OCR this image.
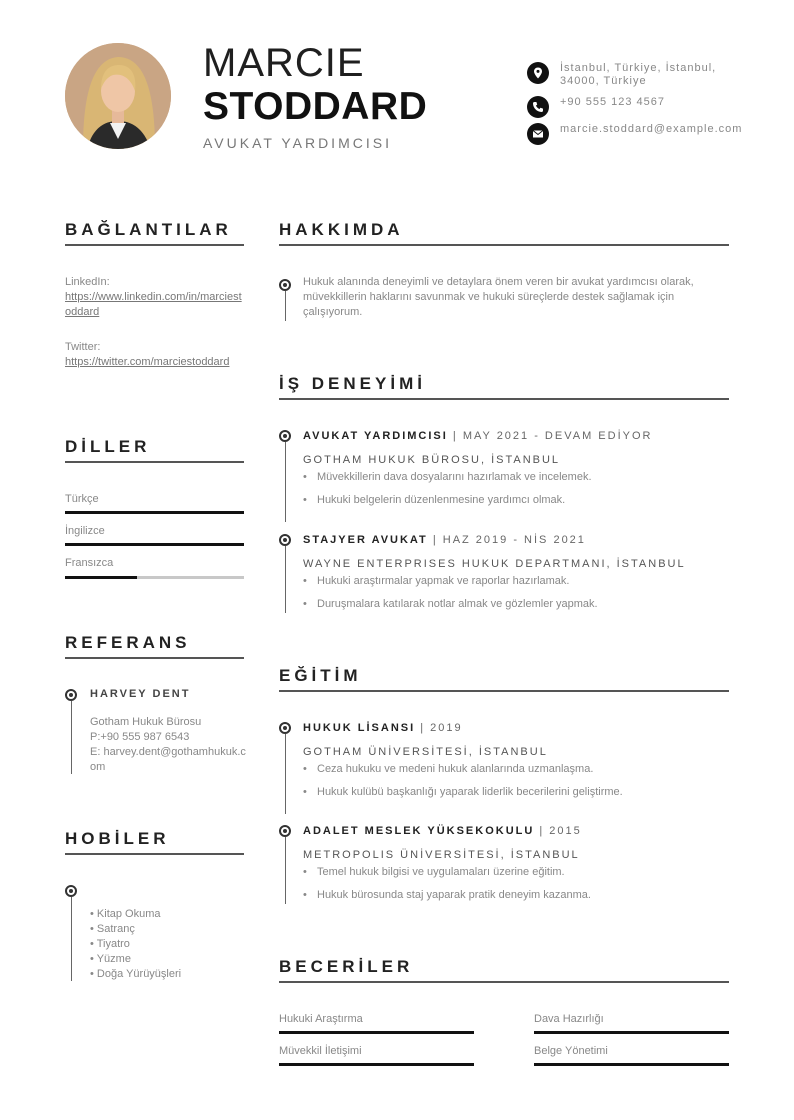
MARCIE
STODDARD
AVUKAT YARDIMCISI
İstanbul, Türkiye, İstanbul, 34000, Türkiye
+90 555 123 4567
marcie.stoddard@example.com
BAĞLANTILAR
LinkedIn:
https://www.linkedin.com/in/marciestoddard
Twitter:
https://twitter.com/marciestoddard
DİLLER
Türkçe
İngilizce
Fransızca
REFERANS
HARVEY DENT
Gotham Hukuk Bürosu
P:+90 555 987 6543
E: harvey.dent@gothamhukuk.com
HOBİLER
• Kitap Okuma
• Satranç
• Tiyatro
• Yüzme
• Doğa Yürüyüşleri
HAKKIMDA
Hukuk alanında deneyimli ve detaylara önem veren bir avukat yardımcısı olarak, müvekkillerin haklarını savunmak ve hukuki süreçlerde destek sağlamak için çalışıyorum.
İŞ DENEYİMİ
AVUKAT YARDIMCISI | MAY 2021 - DEVAM EDİYOR
GOTHAM HUKUK BÜROSU, İSTANBUL
• Müvekkillerin dava dosyalarını hazırlamak ve incelemek.
• Hukuki belgelerin düzenlenmesine yardımcı olmak.
STAJYER AVUKAT | HAZ 2019 - NİS 2021
WAYNE ENTERPRISES HUKUK DEPARTMANI, İSTANBUL
• Hukuki araştırmalar yapmak ve raporlar hazırlamak.
• Duruşmalara katılarak notlar almak ve gözlemler yapmak.
EĞİTİM
HUKUK LİSANSI | 2019
GOTHAM ÜNİVERSİTESİ, İSTANBUL
• Ceza hukuku ve medeni hukuk alanlarında uzmanlaşma.
• Hukuk kulübü başkanlığı yaparak liderlik becerilerini geliştirme.
ADALET MESLEK YÜKSEKOKULU | 2015
METROPOLIS ÜNİVERSİTESİ, İSTANBUL
• Temel hukuk bilgisi ve uygulamaları üzerine eğitim.
• Hukuk bürosunda staj yaparak pratik deneyim kazanma.
BECERİLER
Hukuki Araştırma	Dava Hazırlığı
Müvekkil İletişimi	Belge Yönetimi
